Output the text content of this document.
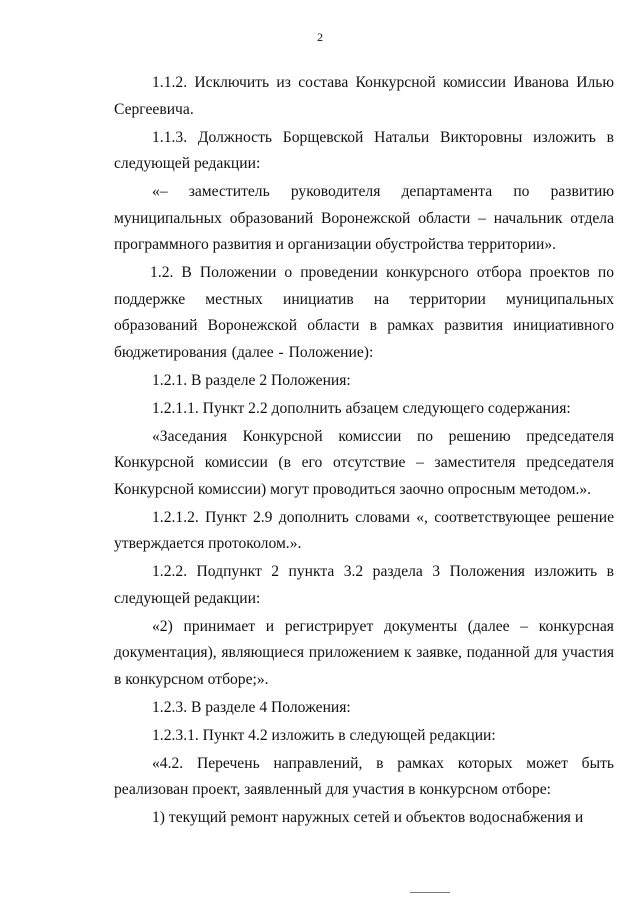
2

1.1.2. Исключить из состава Конкурсной комиссии Иванова Илью Сергеевича.

1.1.3. Должность Борщевской Натальи Викторовны изложить в следующей редакции:

«– заместитель руководителя департамента по развитию муниципальных образований Воронежской области – начальник отдела программного развития и организации обустройства территории».

1.2. В Положении о проведении конкурсного отбора проектов по поддержке местных инициатив на территории муниципальных образований Воронежской области в рамках развития инициативного бюджетирования (далее - Положение):

1.2.1. В разделе 2 Положения:

1.2.1.1. Пункт 2.2 дополнить абзацем следующего содержания:

«Заседания Конкурсной комиссии по решению председателя Конкурсной комиссии (в его отсутствие – заместителя председателя Конкурсной комиссии) могут проводиться заочно опросным методом.».

1.2.1.2. Пункт 2.9 дополнить словами «, соответствующее решение утверждается протоколом.».

1.2.2. Подпункт 2 пункта 3.2 раздела 3 Положения изложить в следующей редакции:

«2) принимает и регистрирует документы (далее – конкурсная документация), являющиеся приложением к заявке, поданной для участия в конкурсном отборе;».

1.2.3. В разделе 4 Положения:

1.2.3.1. Пункт 4.2 изложить в следующей редакции:

«4.2. Перечень направлений, в рамках которых может быть реализован проект, заявленный для участия в конкурсном отборе:

1) текущий ремонт наружных сетей и объектов водоснабжения и
